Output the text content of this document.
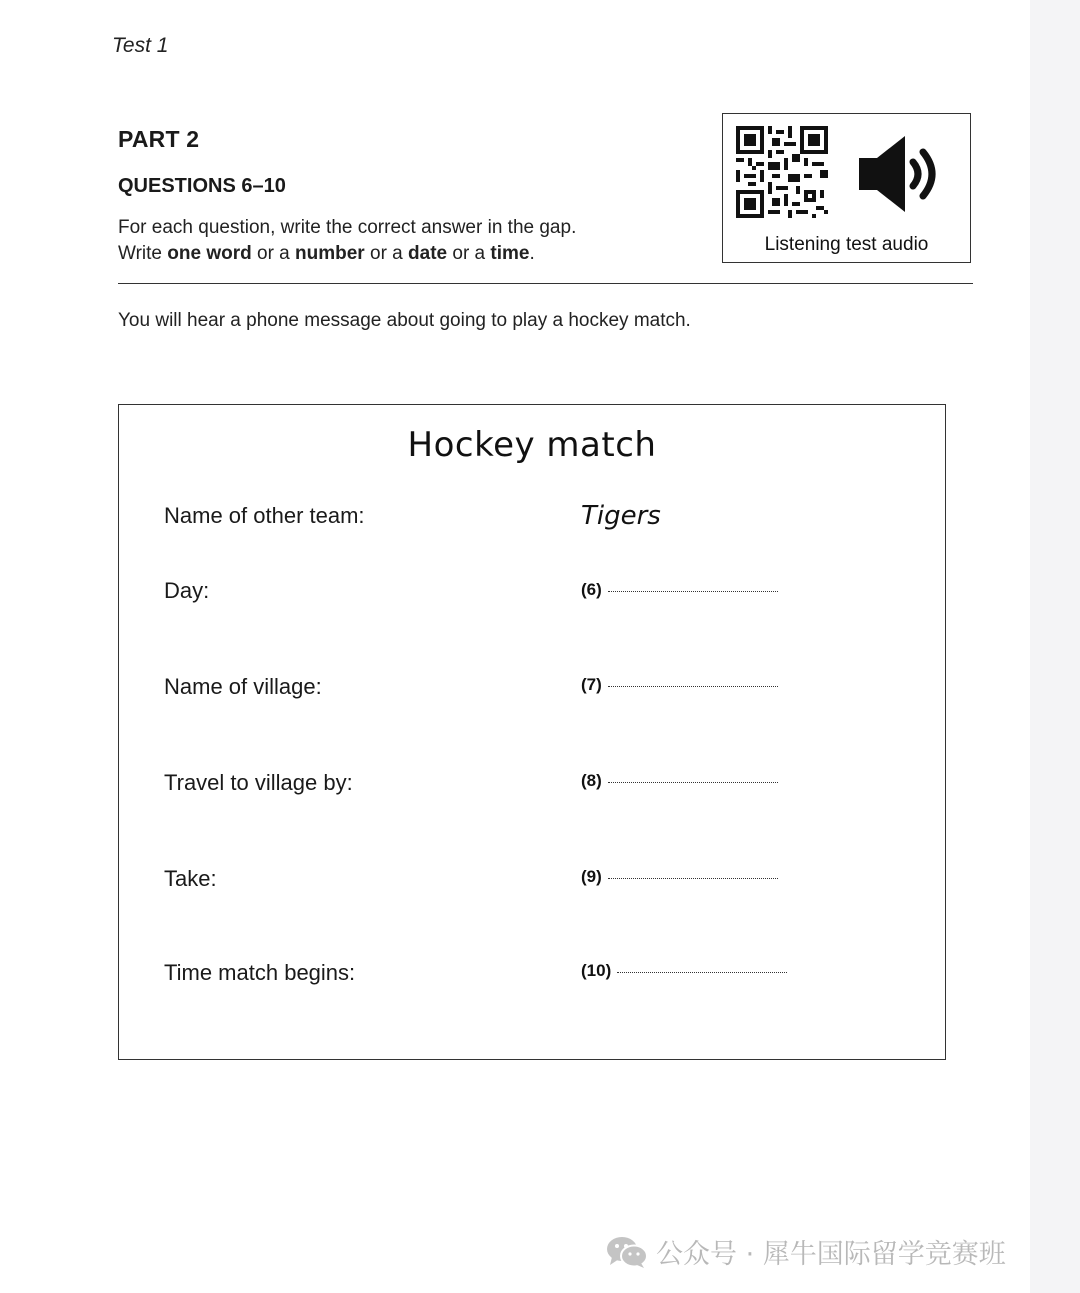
Test 1
PART 2
QUESTIONS 6–10
For each question, write the correct answer in the gap.
Write one word or a number or a date or a time.	Listening test audio
You will hear a phone message about going to play a hockey match.
Hockey match
Name of other team:	Tigers
Day:	(6)
Name of village:	(7)
Travel to village by:	(8)
Take:	(9)
Time match begins:	(10)
公众号 · 犀牛国际留学竞赛班
